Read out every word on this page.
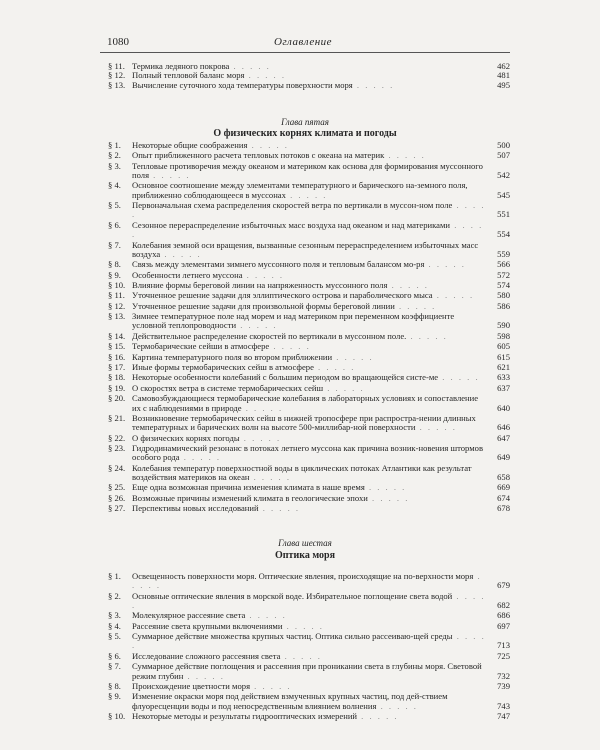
1080	Оглавление
§ 11. Термика ледяного покрова . . . . .	462
§ 12. Полный тепловой баланс моря . . . . .	481
§ 13. Вычисление суточного хода температуры поверхности моря . . . . .	495
Глава пятая
О физических корнях климата и погоды
§ 1. Некоторые общие соображения . . . . .	500
§ 2. Опыт приближенного расчета тепловых потоков с океана на материк . . . . .	507
§ 3. Тепловые противоречия между океаном и материком как основа для формирования муссонного поля . . . . .	542
§ 4. Основное соотношение между элементами температурного и барического на-земного поля, приближенно соблюдающееся в муссонах . . . . .	545
§ 5. Первоначальная схема распределения скоростей ветра по вертикали в муссон-ном поле . . . . .	551
§ 6. Сезонное перераспределение избыточных масс воздуха над океаном и над материками . . . . .	554
§ 7. Колебания земной оси вращения, вызванные сезонным перераспределением избыточных масс воздуха . . . . .	559
§ 8. Связь между элементами зимнего муссонного поля и тепловым балансом мо-ря . . . . .	566
§ 9. Особенности летнего муссона . . . . .	572
§ 10. Влияние формы береговой линии на напряженность муссонного поля . . . . .	574
§ 11. Уточненное решение задачи для эллиптического острова и параболического мыса . . . . .	580
§ 12. Уточненное решение задачи для произвольной формы береговой линии . . . . .	586
§ 13. Зимнее температурное поле над морем и над материком при переменном коэффициенте условной теплопроводности . . . . .	590
§ 14. Действительное распределение скоростей по вертикали в муссонном поле. . . . . .	598
§ 15. Термобарические сейши в атмосфере . . . . .	605
§ 16. Картина температурного поля во втором приближении . . . . .	615
§ 17. Иные формы термобарических сейш в атмосфере . . . . .	621
§ 18. Некоторые особенности колебаний с большим периодом во вращающейся систе-ме . . . . .	633
§ 19. О скоростях ветра в системе термобарических сейш . . . . .	637
§ 20. Самовозбуждающиеся термобарические колебания в лабораторных условиях и сопоставление их с наблюдениями в природе . . . . .	640
§ 21. Возникновение термобарических сейш в нижней тропосфере при распростра-нении длинных температурных и барических волн на высоте 500-миллибар-ной поверхности . . . . .	646
§ 22. О физических корнях погоды . . . . .	647
§ 23. Гидродинамический резонанс в потоках летнего муссона как причина возник-новения штормов особого рода . . . . .	649
§ 24. Колебания температур поверхностной воды в циклических потоках Атлантики как результат воздействия материков на океан . . . . .	658
§ 25. Еще одна возможная причина изменения климата в наше время . . . . .	669
§ 26. Возможные причины изменений климата в геологические эпохи . . . . .	674
§ 27. Перспективы новых исследований . . . . .	678
Глава шестая
Оптика моря
§ 1. Освещенность поверхности моря. Оптические явления, происходящие на по-верхности моря . . . . .	679
§ 2. Основные оптические явления в морской воде. Избирательное поглощение света водой . . . . .	682
§ 3. Молекулярное рассеяние света . . . . .	686
§ 4. Рассеяние света крупными включениями . . . . .	697
§ 5. Суммарное действие множества крупных частиц. Оптика сильно рассеиваю-щей среды . . . . .	713
§ 6. Исследование сложного рассеяния света . . . . .	725
§ 7. Суммарное действие поглощения и рассеяния при проникании света в глубины моря. Световой режим глубин . . . . .	732
§ 8. Происхождение цветности моря . . . . .	739
§ 9. Изменение окраски моря под действием взмученных крупных частиц, под дей-ствием флуоресценции воды и под непосредственным влиянием волнения . . . . .	743
§ 10. Некоторые методы и результаты гидрооптических измерений . . . . .	747
